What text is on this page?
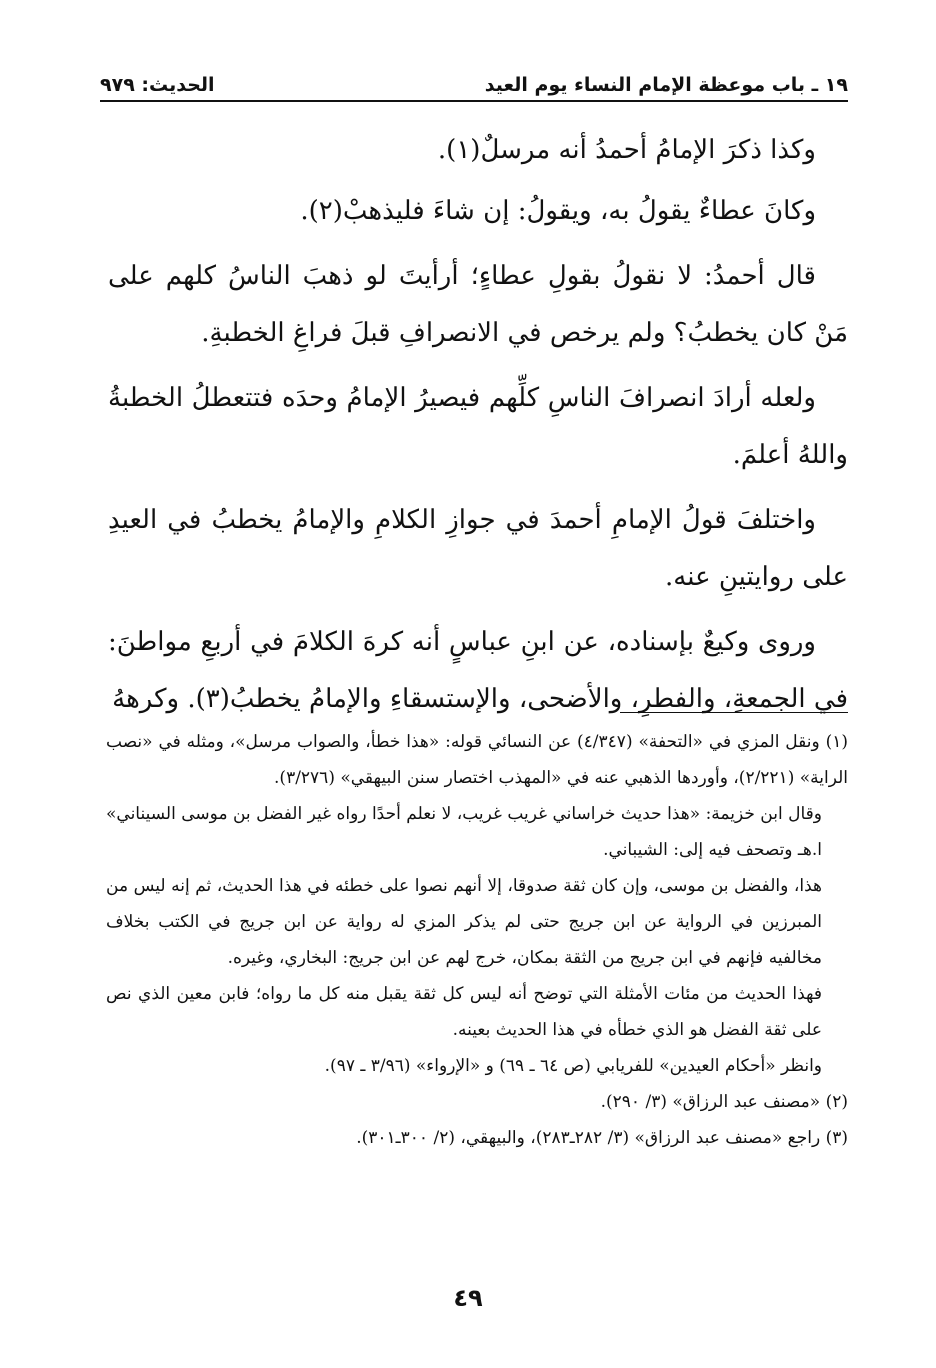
١٩ ـ باب موعظة الإمام النساء يوم العيد
الحديث: ٩٧٩

وكذا ذكرَ الإمامُ أحمدُ أنه مرسلٌ(١).

وكانَ عطاءٌ يقولُ به، ويقولُ: إن شاءَ فليذهبْ(٢).

قال أحمدُ: لا نقولُ بقولِ عطاءٍ؛ أرأيتَ لو ذهبَ الناسُ كلهم على مَنْ كان يخطبُ؟ ولم يرخص في الانصرافِ قبلَ فراغِ الخطبةِ.

ولعله أرادَ انصرافَ الناسِ كلِّهم فيصيرُ الإمامُ وحدَه فتتعطلُ الخطبةُ واللهُ أعلمَ.

واختلفَ قولُ الإمامِ أحمدَ في جوازِ الكلامِ والإمامُ يخطبُ في العيدِ على روايتينِ عنه.

وروى وكيعٌ بإسناده، عن ابنِ عباسٍ أنه كرهَ الكلامَ في أربعِ مواطنَ: في الجمعةِ، والفطرِ، والأضحى، والإستسقاءِ والإمامُ يخطبُ(٣). وكرههُ

(١) ونقل المزي في «التحفة» (٤/٣٤٧) عن النسائي قوله: «هذا خطأ، والصواب مرسل»، ومثله في «نصب الراية» (٢/٢٢١)، وأوردها الذهبي عنه في «المهذب اختصار سنن البيهقي» (٣/٢٧٦).

وقال ابن خزيمة: «هذا حديث خراساني غريب غريب، لا نعلم أحدًا رواه غير الفضل بن موسى السيناني» ا.هـ وتصحف فيه إلى: الشيباني.

هذا، والفضل بن موسى، وإن كان ثقة صدوقا، إلا أنهم نصوا على خطئه في هذا الحديث، ثم إنه ليس من المبرزين في الرواية عن ابن جريج حتى لم يذكر المزي له رواية عن ابن جريج في الكتب بخلاف مخالفيه فإنهم في ابن جريج من الثقة بمكان، خرج لهم عن ابن جريج: البخاري، وغيره.

فهذا الحديث من مئات الأمثلة التي توضح أنه ليس كل ثقة يقبل منه كل ما رواه؛ فابن معين الذي نص على ثقة الفضل هو الذي خطأه في هذا الحديث بعينه.

وانظر «أحكام العيدين» للفريابي (ص ٦٤ ـ ٦٩) و «الإرواء» (٣/٩٦ ـ ٩٧).

(٢) «مصنف عبد الرزاق» (٣/ ٢٩٠).

(٣) راجع «مصنف عبد الرزاق» (٣/ ٢٨٢ـ٢٨٣)، والبيهقي، (٢/ ٣٠٠ـ٣٠١).

٤٩
